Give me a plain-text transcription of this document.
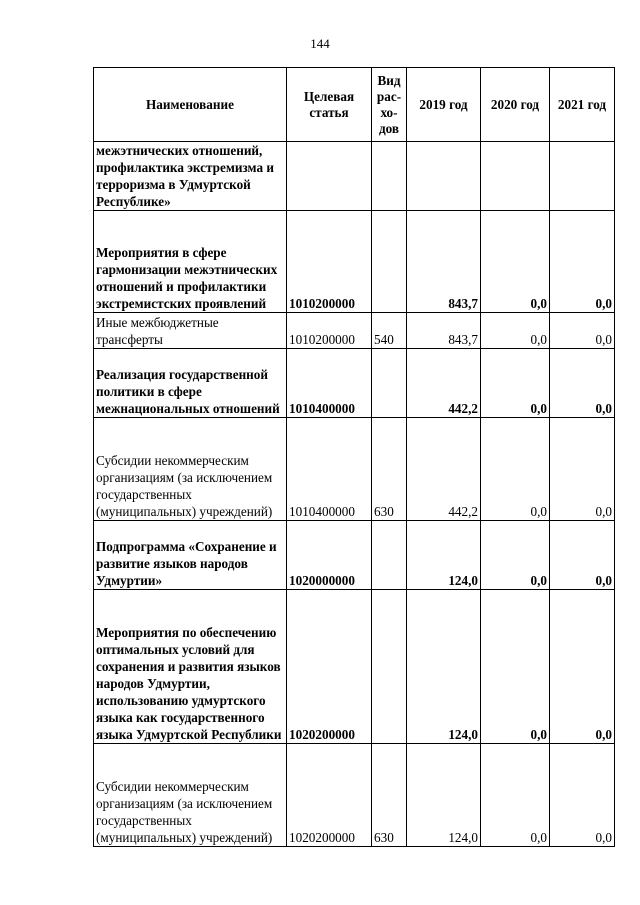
144
Наименование	Целевая статья	Вид рас-хо-дов	2019 год	2020 год	2021 год
межэтнических отношений, профилактика экстремизма и терроризма в Удмуртской Республике»					
Мероприятия в сфере гармонизации межэтнических отношений и профилактики экстремистских проявлений	1010200000		843,7	0,0	0,0
Иные межбюджетные трансферты	1010200000	540	843,7	0,0	0,0
Реализация государственной политики в сфере межнациональных отношений	1010400000		442,2	0,0	0,0
Субсидии некоммерческим организациям (за исключением государственных (муниципальных) учреждений)	1010400000	630	442,2	0,0	0,0
Подпрограмма «Сохранение и развитие языков народов Удмуртии»	1020000000		124,0	0,0	0,0
Мероприятия по обеспечению оптимальных условий для сохранения и развития языков народов Удмуртии, использованию удмуртского языка как государственного языка Удмуртской Республики	1020200000		124,0	0,0	0,0
Субсидии некоммерческим организациям (за исключением государственных (муниципальных) учреждений)	1020200000	630	124,0	0,0	0,0
